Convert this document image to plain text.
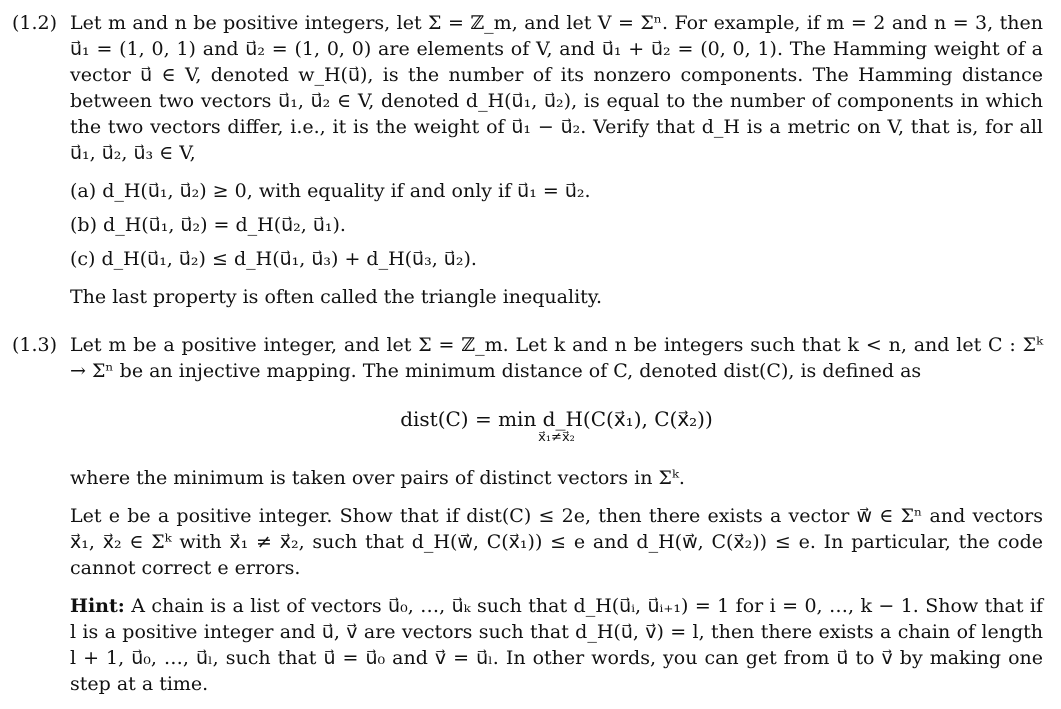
(1.2) Let m and n be positive integers, let Σ = ℤ_m, and let V = Σⁿ. For example, if m = 2 and n = 3, then u⃗₁ = (1, 0, 1) and u⃗₂ = (1, 0, 0) are elements of V, and u⃗₁ + u⃗₂ = (0, 0, 1). The Hamming weight of a vector u⃗ ∈ V, denoted w_H(u⃗), is the number of its nonzero components. The Hamming distance between two vectors u⃗₁, u⃗₂ ∈ V, denoted d_H(u⃗₁, u⃗₂), is equal to the number of components in which the two vectors differ, i.e., it is the weight of u⃗₁ − u⃗₂. Verify that d_H is a metric on V, that is, for all u⃗₁, u⃗₂, u⃗₃ ∈ V,

(a) d_H(u⃗₁, u⃗₂) ≥ 0, with equality if and only if u⃗₁ = u⃗₂.
(b) d_H(u⃗₁, u⃗₂) = d_H(u⃗₂, u⃗₁).
(c) d_H(u⃗₁, u⃗₂) ≤ d_H(u⃗₁, u⃗₃) + d_H(u⃗₃, u⃗₂).

The last property is often called the triangle inequality.

(1.3) Let m be a positive integer, and let Σ = ℤ_m. Let k and n be integers such that k < n, and let C : Σᵏ → Σⁿ be an injective mapping. The minimum distance of C, denoted dist(C), is defined as

dist(C) = min d_H(C(x⃗₁), C(x⃗₂))
x⃗₁≠x⃗₂

where the minimum is taken over pairs of distinct vectors in Σᵏ.

Let e be a positive integer. Show that if dist(C) ≤ 2e, then there exists a vector w⃗ ∈ Σⁿ and vectors x⃗₁, x⃗₂ ∈ Σᵏ with x⃗₁ ≠ x⃗₂, such that d_H(w⃗, C(x⃗₁)) ≤ e and d_H(w⃗, C(x⃗₂)) ≤ e. In particular, the code cannot correct e errors.

Hint: A chain is a list of vectors u⃗₀, …, u⃗ₖ such that d_H(u⃗ᵢ, u⃗ᵢ₊₁) = 1 for i = 0, …, k − 1. Show that if l is a positive integer and u⃗, v⃗ are vectors such that d_H(u⃗, v⃗) = l, then there exists a chain of length l + 1, u⃗₀, …, u⃗ₗ, such that u⃗ = u⃗₀ and v⃗ = u⃗ₗ. In other words, you can get from u⃗ to v⃗ by making one step at a time.
